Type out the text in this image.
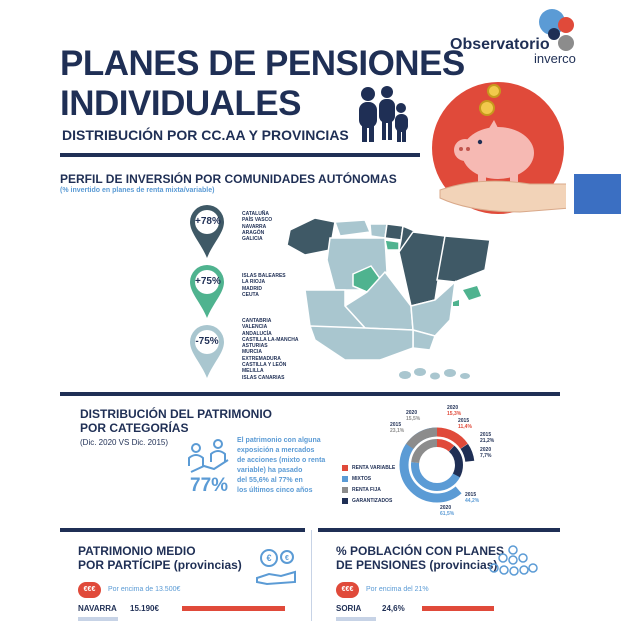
PLANES DE PENSIONES
INDIVIDUALES
DISTRIBUCIÓN POR CC.AA Y PROVINCIAS
Observatorio
inverco
PERFIL DE INVERSIÓN POR COMUNIDADES AUTÓNOMAS
(% invertido en planes de renta mixta/variable)
+78%
+75%
-75%
CATALUÑA
PAÍS VASCO
NAVARRA
ARAGÓN
GALICIA
ISLAS BALEARES
LA RIOJA
MADRID
CEUTA
CANTABRIA
VALENCIA
ANDALUCÍA
CASTILLA LA-MANCHA
ASTURIAS
MURCIA
EXTREMADURA
CASTILLA Y LEÓN
MELILLA
ISLAS CANARIAS
DISTRIBUCIÓN DEL PATRIMONIO
POR CATEGORÍAS
(Dic. 2020 VS Dic. 2015)
77%
El patrimonio con alguna
exposición a mercados
de acciones (mixto o renta
variable) ha pasado
del 55,6% al 77% en
los últimos cinco años
RENTA VARIABLE
MIXTOS
RENTA FIJA
GARANTIZADOS
2020
15,3%
2015
11,4%
2015
21,2%
2020
7,7%
2015
44,2%
2020
61,5%
2015
23,1%
2020
15,5%
PATRIMONIO MEDIO
POR PARTÍCIPE (provincias)	€ €
€€€	Por encima de 13.500€
NAVARRA 15.190€
% POBLACIÓN CON PLANES
DE PENSIONES (provincias)
€€€	Por encima del 21%
SORIA	24,6%
